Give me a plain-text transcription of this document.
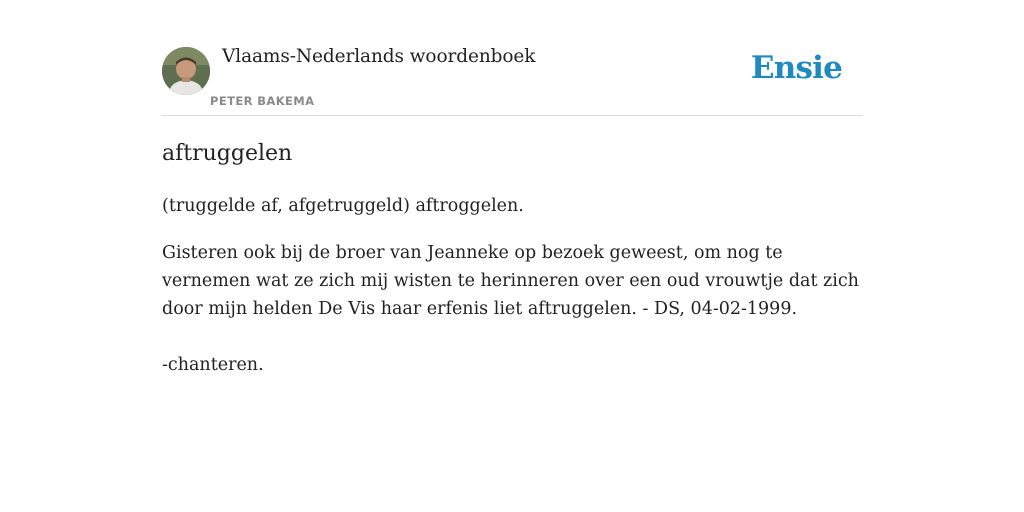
Vlaams-Nederlands woordenboek
PETER BAKEMA
Ensie
aftruggelen

(truggelde af, afgetruggeld) aftroggelen.

Gisteren ook bij de broer van Jeanneke op bezoek geweest, om nog te vernemen wat ze zich mij wisten te herinneren over een oud vrouwtje dat zich door mijn helden De Vis haar erfenis liet aftruggelen. - DS, 04-02-1999.

-chanteren.
